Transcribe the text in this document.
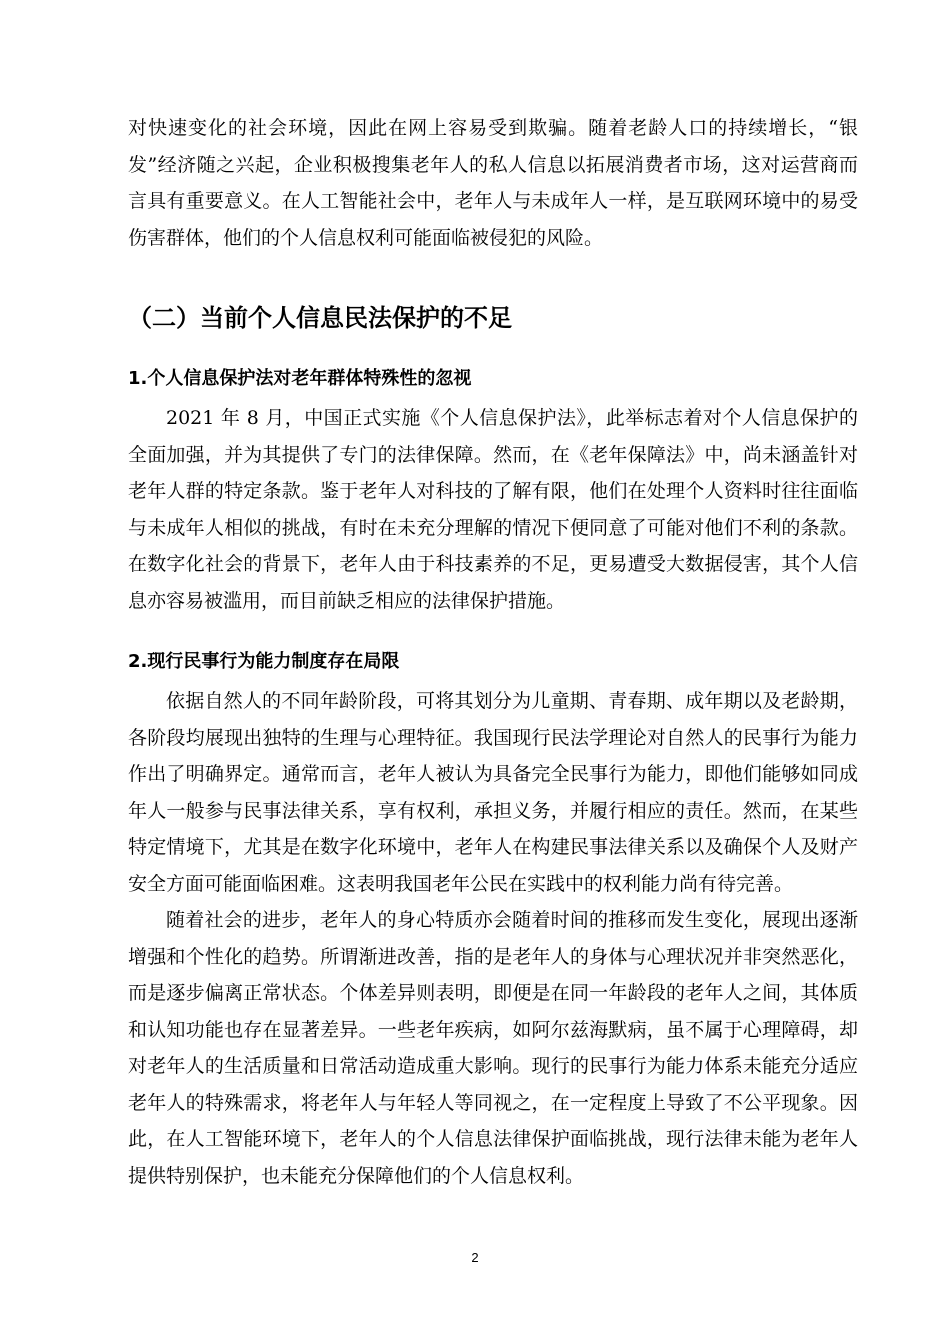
对快速变化的社会环境，因此在网上容易受到欺骗。随着老龄人口的持续增长，“银发”经济随之兴起，企业积极搜集老年人的私人信息以拓展消费者市场，这对运营商而言具有重要意义。在人工智能社会中，老年人与未成年人一样，是互联网环境中的易受伤害群体，他们的个人信息权利可能面临被侵犯的风险。

（二）当前个人信息民法保护的不足
1.个人信息保护法对老年群体特殊性的忽视

2021 年 8 月，中国正式实施《个人信息保护法》，此举标志着对个人信息保护的全面加强，并为其提供了专门的法律保障。然而，在《老年保障法》中，尚未涵盖针对老年人群的特定条款。鉴于老年人对科技的了解有限，他们在处理个人资料时往往面临与未成年人相似的挑战，有时在未充分理解的情况下便同意了可能对他们不利的条款。在数字化社会的背景下，老年人由于科技素养的不足，更易遭受大数据侵害，其个人信息亦容易被滥用，而目前缺乏相应的法律保护措施。

2.现行民事行为能力制度存在局限

依据自然人的不同年龄阶段，可将其划分为儿童期、青春期、成年期以及老龄期，各阶段均展现出独特的生理与心理特征。我国现行民法学理论对自然人的民事行为能力作出了明确界定。通常而言，老年人被认为具备完全民事行为能力，即他们能够如同成年人一般参与民事法律关系，享有权利，承担义务，并履行相应的责任。然而，在某些特定情境下，尤其是在数字化环境中，老年人在构建民事法律关系以及确保个人及财产安全方面可能面临困难。这表明我国老年公民在实践中的权利能力尚有待完善。

随着社会的进步，老年人的身心特质亦会随着时间的推移而发生变化，展现出逐渐增强和个性化的趋势。所谓渐进改善，指的是老年人的身体与心理状况并非突然恶化，而是逐步偏离正常状态。个体差异则表明，即便是在同一年龄段的老年人之间，其体质和认知功能也存在显著差异。一些老年疾病，如阿尔兹海默病，虽不属于心理障碍，却对老年人的生活质量和日常活动造成重大影响。现行的民事行为能力体系未能充分适应老年人的特殊需求，将老年人与年轻人等同视之，在一定程度上导致了不公平现象。因此，在人工智能环境下，老年人的个人信息法律保护面临挑战，现行法律未能为老年人提供特别保护，也未能充分保障他们的个人信息权利。

2
